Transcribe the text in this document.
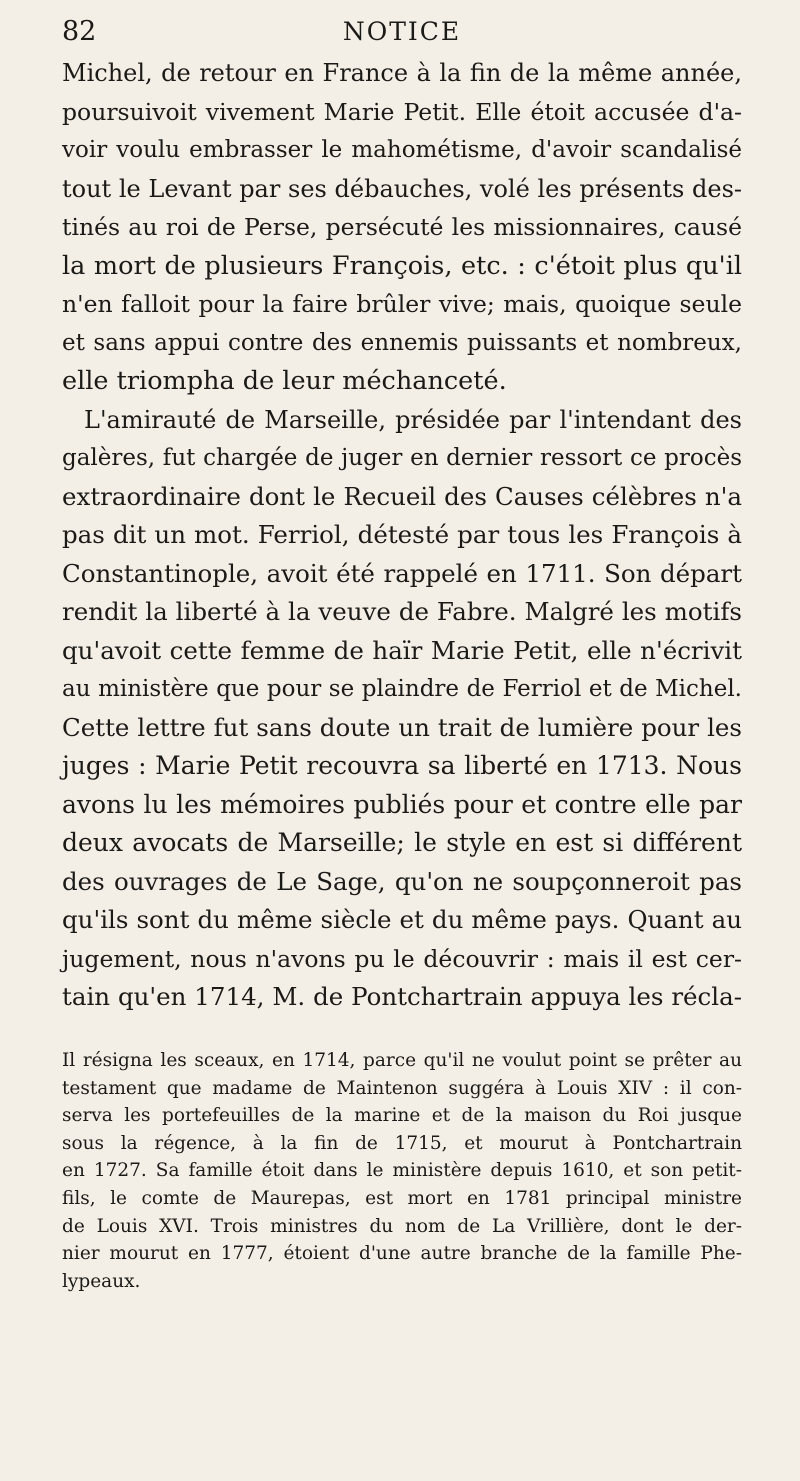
82	NOTICE
Michel, de retour en France à la fin de la même année,
poursuivoit vivement Marie Petit. Elle étoit accusée d'a-
voir voulu embrasser le mahométisme, d'avoir scandalisé
tout le Levant par ses débauches, volé les présents des-
tinés au roi de Perse, persécuté les missionnaires, causé
la mort de plusieurs François, etc. : c'étoit plus qu'il
n'en falloit pour la faire brûler vive; mais, quoique seule
et sans appui contre des ennemis puissants et nombreux,
elle triompha de leur méchanceté.
L'amirauté de Marseille, présidée par l'intendant des
galères, fut chargée de juger en dernier ressort ce procès
extraordinaire dont le Recueil des Causes célèbres n'a
pas dit un mot. Ferriol, détesté par tous les François à
Constantinople, avoit été rappelé en 1711. Son départ
rendit la liberté à la veuve de Fabre. Malgré les motifs
qu'avoit cette femme de haïr Marie Petit, elle n'écrivit
au ministère que pour se plaindre de Ferriol et de Michel.
Cette lettre fut sans doute un trait de lumière pour les
juges : Marie Petit recouvra sa liberté en 1713. Nous
avons lu les mémoires publiés pour et contre elle par
deux avocats de Marseille; le style en est si différent
des ouvrages de Le Sage, qu'on ne soupçonneroit pas
qu'ils sont du même siècle et du même pays. Quant au
jugement, nous n'avons pu le découvrir : mais il est cer-
tain qu'en 1714, M. de Pontchartrain appuya les récla-
Il résigna les sceaux, en 1714, parce qu'il ne voulut point se prêter au
testament que madame de Maintenon suggéra à Louis XIV : il con-
serva les portefeuilles de la marine et de la maison du Roi jusque
sous la régence, à la fin de 1715, et mourut à Pontchartrain
en 1727. Sa famille étoit dans le ministère depuis 1610, et son petit-
fils, le comte de Maurepas, est mort en 1781 principal ministre
de Louis XVI. Trois ministres du nom de La Vrillière, dont le der-
nier mourut en 1777, étoient d'une autre branche de la famille Phe-
lypeaux.
